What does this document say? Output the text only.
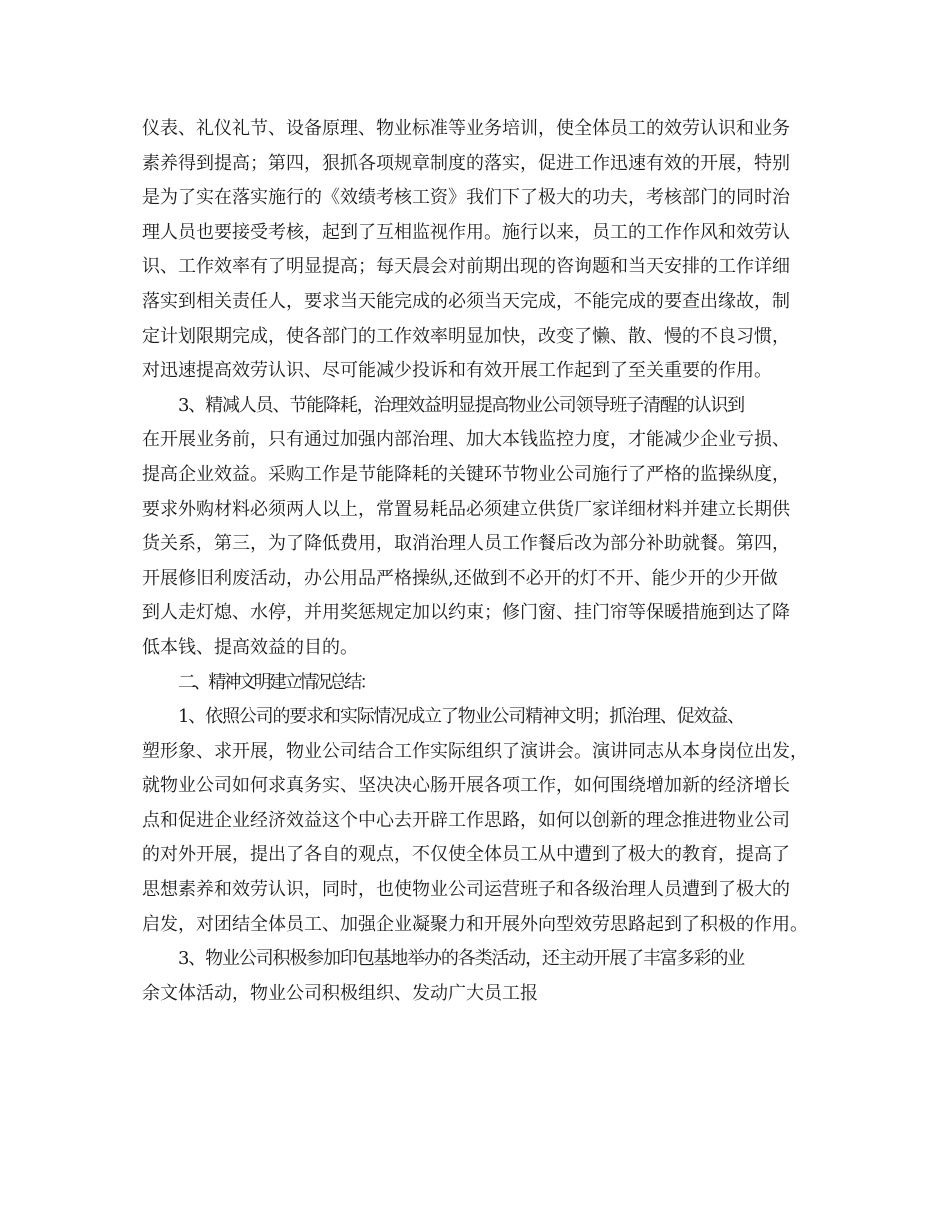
仪表、礼仪礼节、设备原理、物业标准等业务培训，使全体员工的效劳认识和业务
素养得到提高；第四，狠抓各项规章制度的落实，促进工作迅速有效的开展，特别
是为了实在落实施行的《效绩考核工资》我们下了极大的功夫，考核部门的同时治
理人员也要接受考核，起到了互相监视作用。施行以来，员工的工作作风和效劳认
识、工作效率有了明显提高；每天晨会对前期出现的咨询题和当天安排的工作详细
落实到相关责任人，要求当天能完成的必须当天完成，不能完成的要查出缘故，制
定计划限期完成，使各部门的工作效率明显加快，改变了懒、散、慢的不良习惯，
对迅速提高效劳认识、尽可能减少投诉和有效开展工作起到了至关重要的作用。
3、精减人员、节能降耗，治理效益明显提高物业公司领导班子清醒的认识到
在开展业务前，只有通过加强内部治理、加大本钱监控力度，才能减少企业亏损、
提高企业效益。采购工作是节能降耗的关键环节物业公司施行了严格的监操纵度，
要求外购材料必须两人以上，常置易耗品必须建立供货厂家详细材料并建立长期供
货关系，第三，为了降低费用，取消治理人员工作餐后改为部分补助就餐。第四，
开展修旧利废活动，办公用品严格操纵,还做到不必开的灯不开、能少开的少开做
到人走灯熄、水停，并用奖惩规定加以约束；修门窗、挂门帘等保暖措施到达了降
低本钱、提高效益的目的。
二、精神文明建立情况总结：
1、依照公司的要求和实际情况成立了物业公司精神文明；抓治理、促效益、
塑形象、求开展，物业公司结合工作实际组织了演讲会。演讲同志从本身岗位出发，
就物业公司如何求真务实、坚决决心肠开展各项工作，如何围绕增加新的经济增长
点和促进企业经济效益这个中心去开辟工作思路，如何以创新的理念推进物业公司
的对外开展，提出了各自的观点，不仅使全体员工从中遭到了极大的教育，提高了
思想素养和效劳认识，同时，也使物业公司运营班子和各级治理人员遭到了极大的
启发，对团结全体员工、加强企业凝聚力和开展外向型效劳思路起到了积极的作用。
3、物业公司积极参加印包基地举办的各类活动，还主动开展了丰富多彩的业
余文体活动，物业公司积极组织、发动广大员工报
